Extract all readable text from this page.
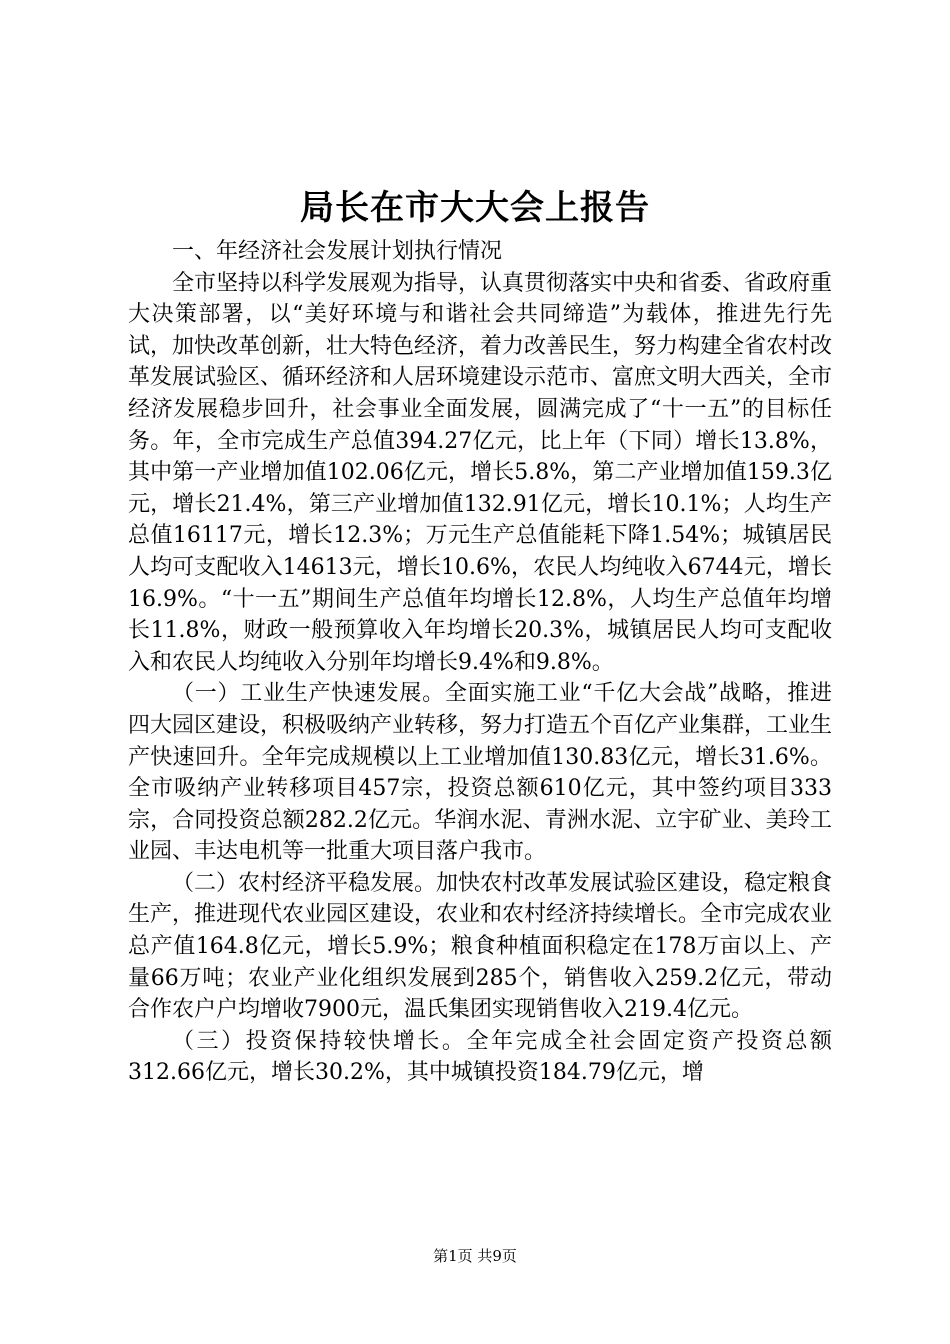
局长在市大大会上报告

一、年经济社会发展计划执行情况

全市坚持以科学发展观为指导，认真贯彻落实中央和省委、省政府重大决策部署，以“美好环境与和谐社会共同缔造”为载体，推进先行先试，加快改革创新，壮大特色经济，着力改善民生，努力构建全省农村改革发展试验区、循环经济和人居环境建设示范市、富庶文明大西关，全市经济发展稳步回升，社会事业全面发展，圆满完成了“十一五”的目标任务。年，全市完成生产总值394.27亿元，比上年（下同）增长13.8%，其中第一产业增加值102.06亿元，增长5.8%，第二产业增加值159.3亿元，增长21.4%，第三产业增加值132.91亿元，增长10.1%；人均生产总值16117元，增长12.3%；万元生产总值能耗下降1.54%；城镇居民人均可支配收入14613元，增长10.6%，农民人均纯收入6744元，增长16.9%。“十一五”期间生产总值年均增长12.8%，人均生产总值年均增长11.8%，财政一般预算收入年均增长20.3%，城镇居民人均可支配收入和农民人均纯收入分别年均增长9.4%和9.8%。

（一）工业生产快速发展。全面实施工业“千亿大会战”战略，推进四大园区建设，积极吸纳产业转移，努力打造五个百亿产业集群，工业生产快速回升。全年完成规模以上工业增加值130.83亿元，增长31.6%。全市吸纳产业转移项目457宗，投资总额610亿元，其中签约项目333宗，合同投资总额282.2亿元。华润水泥、青洲水泥、立宇矿业、美玲工业园、丰达电机等一批重大项目落户我市。

（二）农村经济平稳发展。加快农村改革发展试验区建设，稳定粮食生产，推进现代农业园区建设，农业和农村经济持续增长。全市完成农业总产值164.8亿元，增长5.9%；粮食种植面积稳定在178万亩以上、产量66万吨；农业产业化组织发展到285个，销售收入259.2亿元，带动合作农户户均增收7900元，温氏集团实现销售收入219.4亿元。

（三）投资保持较快增长。全年完成全社会固定资产投资总额312.66亿元，增长30.2%，其中城镇投资184.79亿元，增

第1页 共9页
